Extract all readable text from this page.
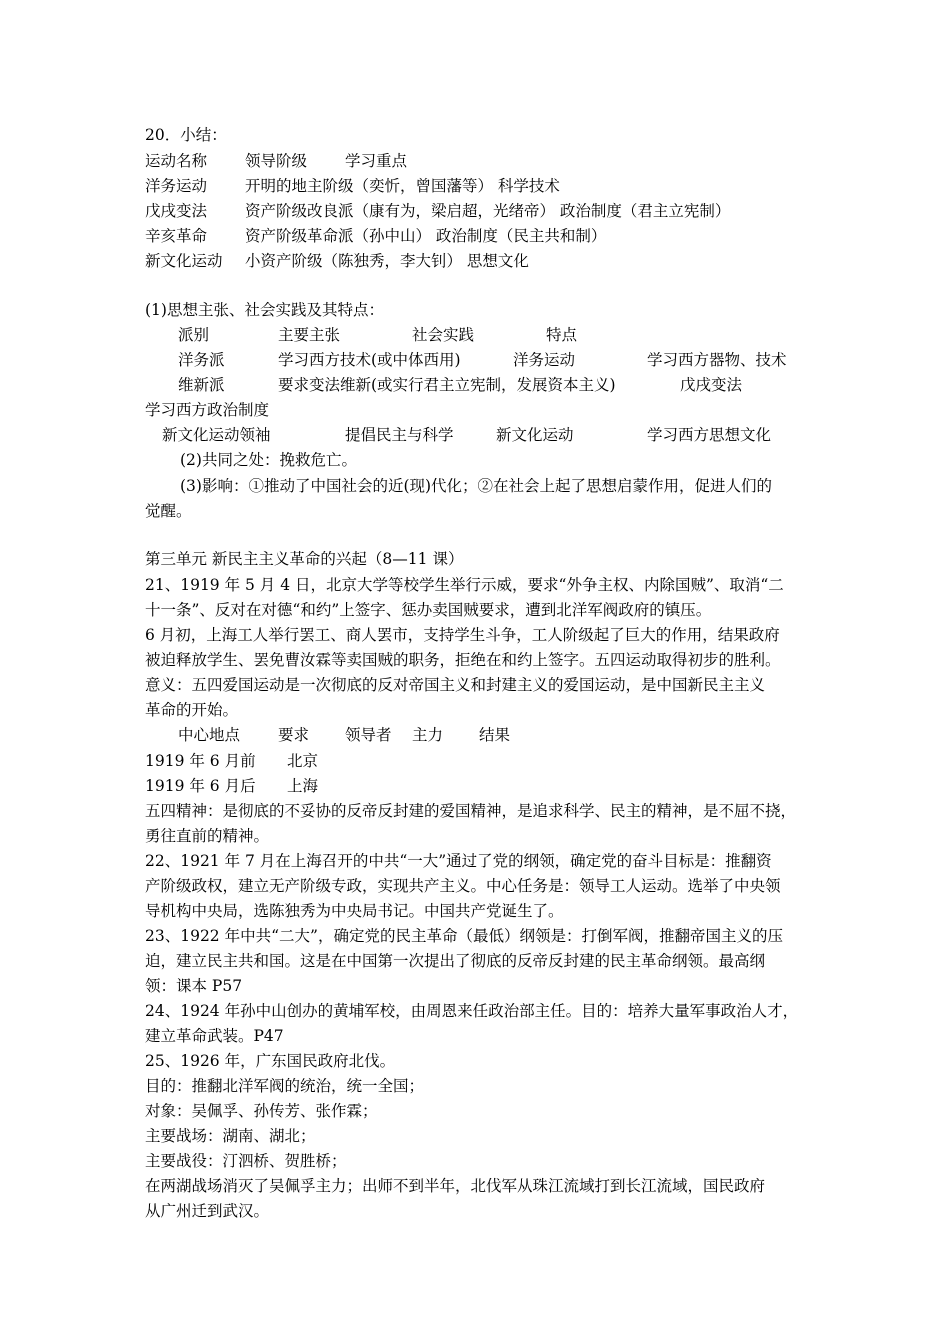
20．小结：
运动名称 领导阶级 学习重点
洋务运动 开明的地主阶级（奕忻，曾国藩等） 科学技术
戊戌变法 资产阶级改良派（康有为，梁启超，光绪帝） 政治制度（君主立宪制）
辛亥革命 资产阶级革命派（孙中山） 政治制度（民主共和制）
新文化运动 小资产阶级（陈独秀，李大钊） 思想文化
(1)思想主张、社会实践及其特点：
派别	主要主张	社会实践	特点
洋务派	学习西方技术(或中体西用)	洋务运动	学习西方器物、技术
维新派	要求变法维新(或实行君主立宪制，发展资本主义)	戊戌变法
学习西方政治制度
新文化运动领袖	提倡民主与科学	新文化运动	学习西方思想文化
(2)共同之处：挽救危亡。
(3)影响：①推动了中国社会的近(现)代化；②在社会上起了思想启蒙作用，促进人们的
觉醒。
第三单元 新民主主义革命的兴起（8—11 课）
21、1919 年 5 月 4 日，北京大学等校学生举行示威，要求“外争主权、内除国贼”、取消“二
十一条”、反对在对德“和约”上签字、惩办卖国贼要求，遭到北洋军阀政府的镇压。
6 月初，上海工人举行罢工、商人罢市，支持学生斗争，工人阶级起了巨大的作用，结果政府
被迫释放学生、罢免曹汝霖等卖国贼的职务，拒绝在和约上签字。五四运动取得初步的胜利。
意义：五四爱国运动是一次彻底的反对帝国主义和封建主义的爱国运动，是中国新民主主义
革命的开始。
中心地点 要求 领导者 主力 结果
1919 年 6 月前 北京
1919 年 6 月后 上海
五四精神：是彻底的不妥协的反帝反封建的爱国精神，是追求科学、民主的精神，是不屈不挠，
勇往直前的精神。
22、1921 年 7 月在上海召开的中共“一大”通过了党的纲领，确定党的奋斗目标是：推翻资
产阶级政权，建立无产阶级专政，实现共产主义。中心任务是：领导工人运动。选举了中央领
导机构中央局，选陈独秀为中央局书记。中国共产党诞生了。
23、1922 年中共“二大”，确定党的民主革命（最低）纲领是：打倒军阀，推翻帝国主义的压
迫，建立民主共和国。这是在中国第一次提出了彻底的反帝反封建的民主革命纲领。最高纲
领：课本 P57
24、1924 年孙中山创办的黄埔军校，由周恩来任政治部主任。目的：培养大量军事政治人才，
建立革命武装。P47
25、1926 年，广东国民政府北伐。
目的：推翻北洋军阀的统治，统一全国；
对象：吴佩孚、孙传芳、张作霖；
主要战场：湖南、湖北；
主要战役：汀泗桥、贺胜桥；
在两湖战场消灭了吴佩孚主力；出师不到半年，北伐军从珠江流域打到长江流域，国民政府
从广州迁到武汉。
